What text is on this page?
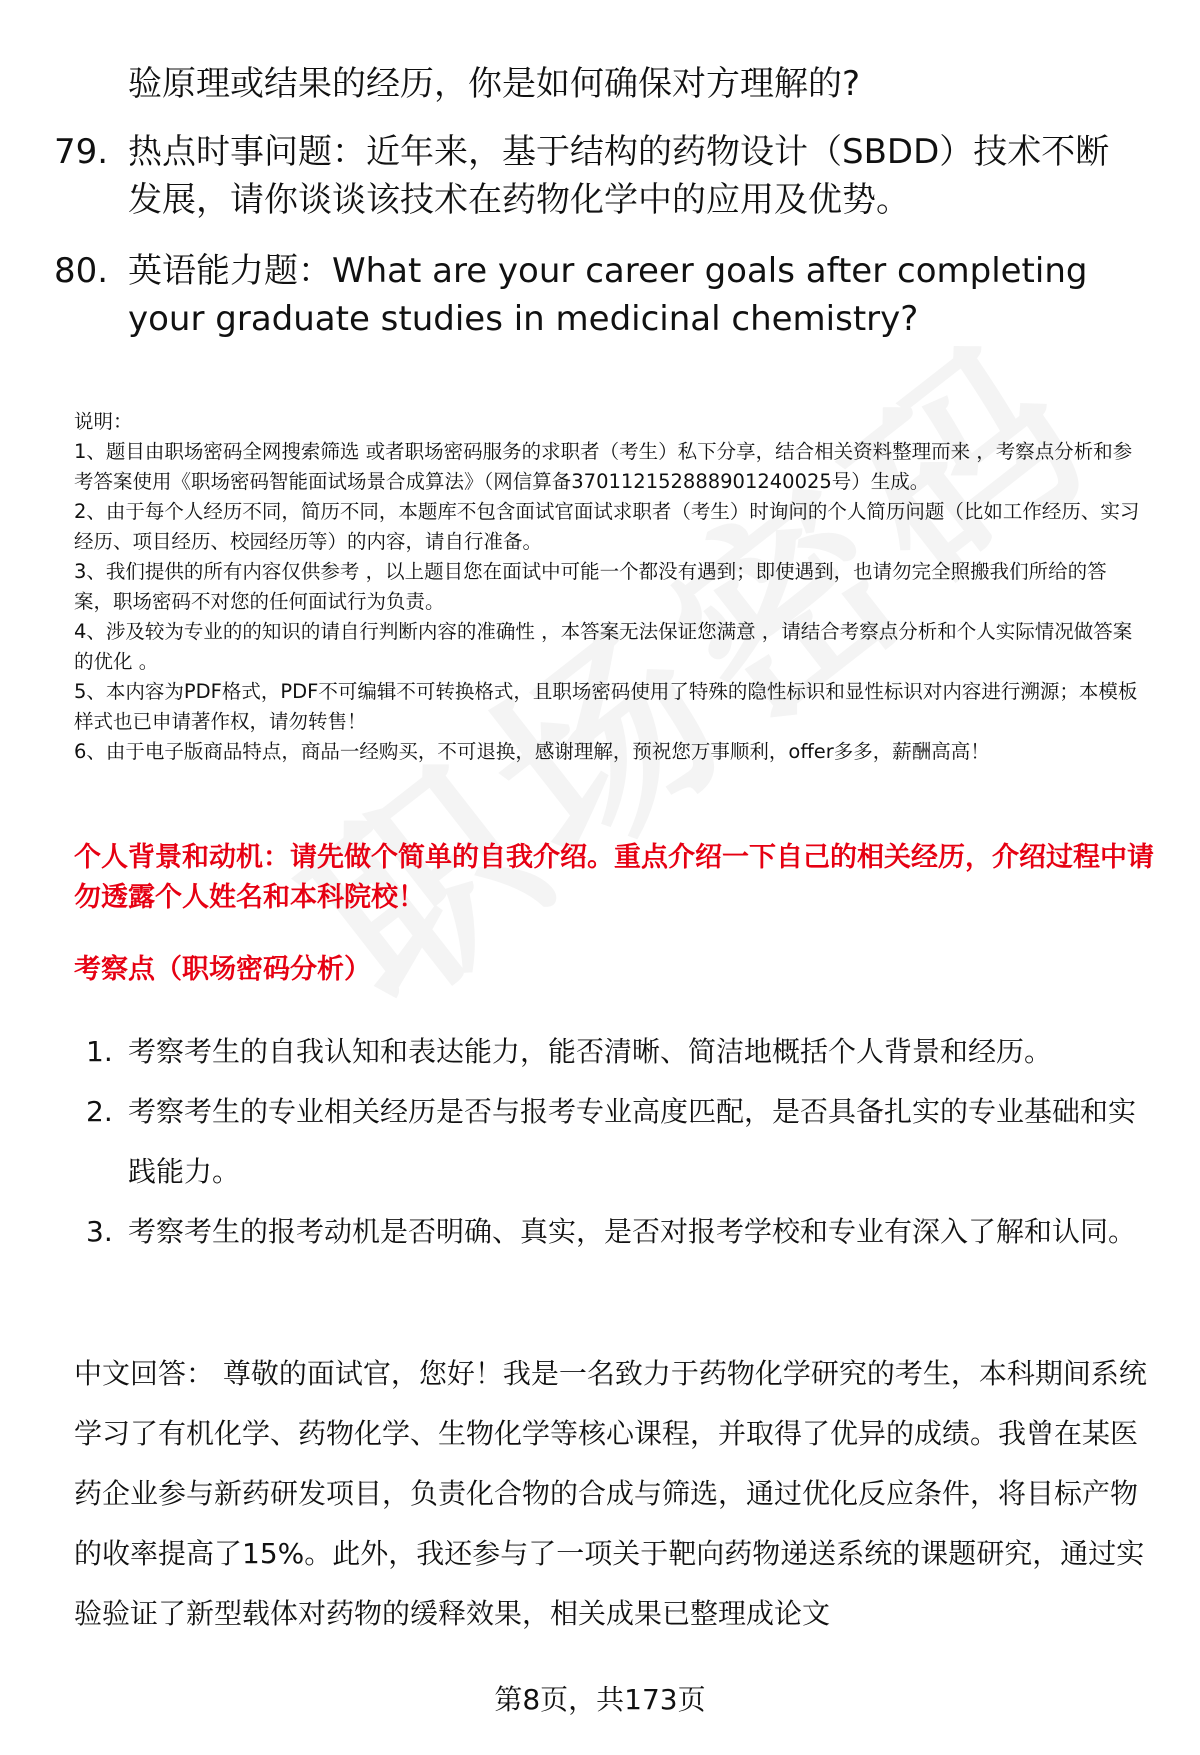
验原理或结果的经历，你是如何确保对方理解的?
79. 热点时事问题：近年来，基于结构的药物设计（SBDD）技术不断发展，请你谈谈该技术在药物化学中的应用及优势。
80. 英语能力题：What are your career goals after completing your graduate studies in medicinal chemistry?

说明：

1、题目由职场密码全网搜索筛选 或者职场密码服务的求职者（考生）私下分享，结合相关资料整理而来 ，考察点分析和参考答案使用《职场密码智能面试场景合成算法》（网信算备370112152888901240025号）生成。

2、由于每个人经历不同，简历不同，本题库不包含面试官面试求职者（考生）时询问的个人简历问题（比如工作经历、实习经历、项目经历、校园经历等）的内容，请自行准备。

3、我们提供的所有内容仅供参考 ，以上题目您在面试中可能一个都没有遇到；即使遇到，也请勿完全照搬我们所给的答案，职场密码不对您的任何面试行为负责。

4、涉及较为专业的的知识的请自行判断内容的准确性 ，本答案无法保证您满意 ，请结合考察点分析和个人实际情况做答案的优化 。

5、本内容为PDF格式，PDF不可编辑不可转换格式，且职场密码使用了特殊的隐性标识和显性标识对内容进行溯源；本模板样式也已申请著作权，请勿转售！

6、由于电子版商品特点，商品一经购买，不可退换，感谢理解，预祝您万事顺利，offer多多，薪酬高高！

个人背景和动机：请先做个简单的自我介绍。重点介绍一下自己的相关经历，介绍过程中请勿透露个人姓名和本科院校！
考察点（职场密码分析）
1. 考察考生的自我认知和表达能力，能否清晰、简洁地概括个人背景和经历。
2. 考察考生的专业相关经历是否与报考专业高度匹配，是否具备扎实的专业基础和实践能力。
3. 考察考生的报考动机是否明确、真实，是否对报考学校和专业有深入了解和认同。
中文回答： 尊敬的面试官，您好！我是一名致力于药物化学研究的考生，本科期间系统学习了有机化学、药物化学、生物化学等核心课程，并取得了优异的成绩。我曾在某医药企业参与新药研发项目，负责化合物的合成与筛选，通过优化反应条件，将目标产物的收率提高了15%。此外，我还参与了一项关于靶向药物递送系统的课题研究，通过实验验证了新型载体对药物的缓释效果，相关成果已整理成论文
第8页，共173页
